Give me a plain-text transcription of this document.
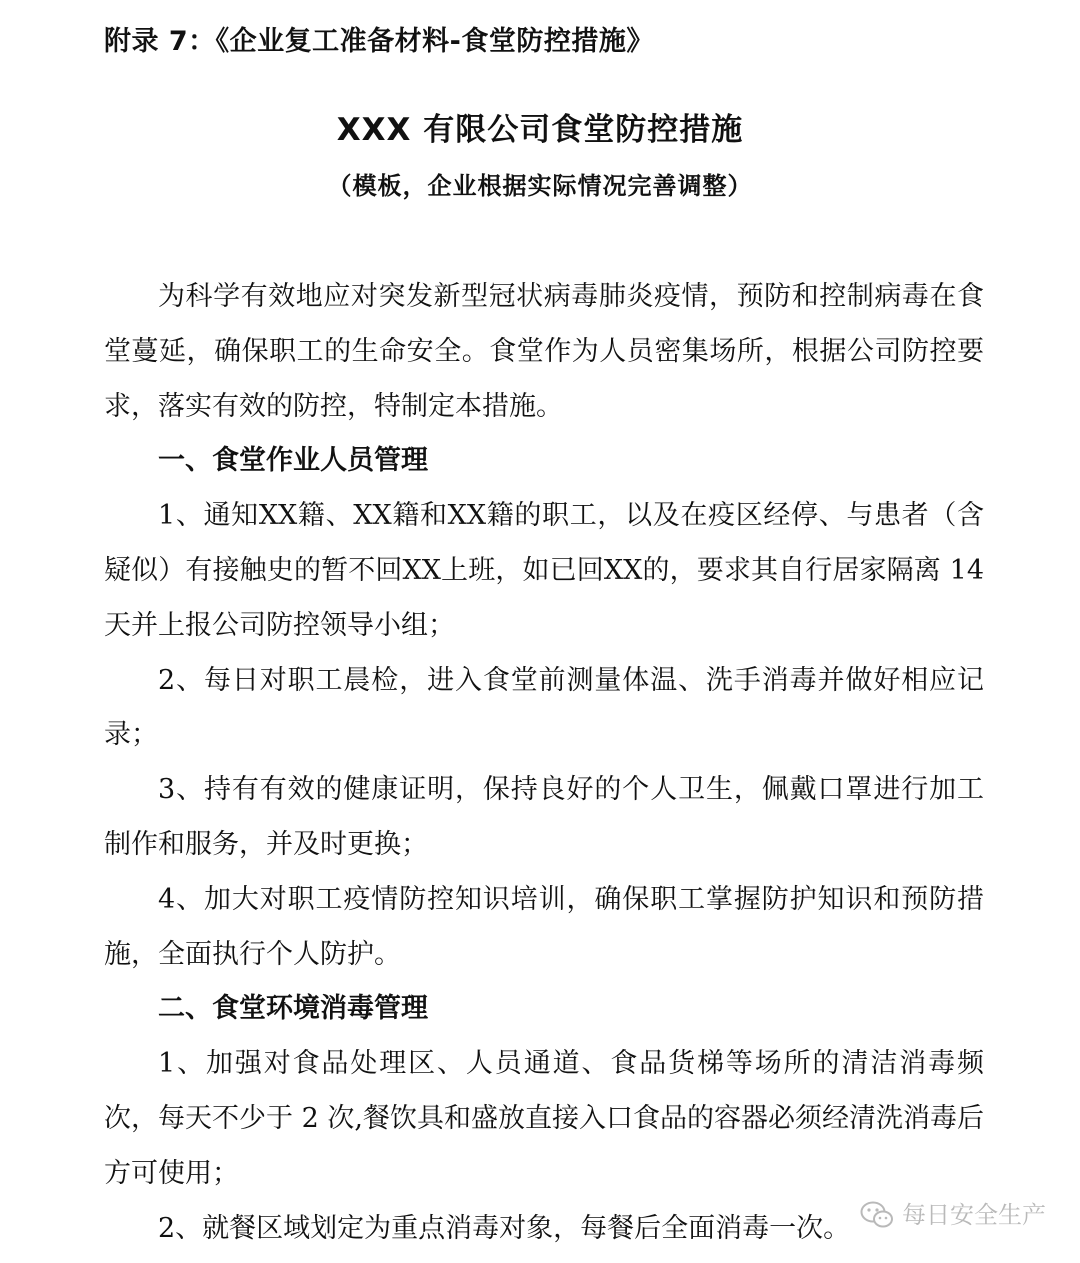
附录 7：《企业复工准备材料-食堂防控措施》
XXX 有限公司食堂防控措施
（模板，企业根据实际情况完善调整）

为科学有效地应对突发新型冠状病毒肺炎疫情，预防和控制病毒在食堂蔓延，确保职工的生命安全。食堂作为人员密集场所，根据公司防控要求，落实有效的防控，特制定本措施。

一、食堂作业人员管理

1、通知XX籍、XX籍和XX籍的职工，以及在疫区经停、与患者（含疑似）有接触史的暂不回XX上班，如已回XX的，要求其自行居家隔离 14 天并上报公司防控领导小组；

2、每日对职工晨检，进入食堂前测量体温、洗手消毒并做好相应记录；

3、持有有效的健康证明，保持良好的个人卫生，佩戴口罩进行加工制作和服务，并及时更换；

4、加大对职工疫情防控知识培训，确保职工掌握防护知识和预防措施，全面执行个人防护。

二、食堂环境消毒管理

1、加强对食品处理区、人员通道、食品货梯等场所的清洁消毒频次，每天不少于 2 次,餐饮具和盛放直接入口食品的容器必须经清洗消毒后方可使用；

2、就餐区域划定为重点消毒对象，每餐后全面消毒一次。	每日安全生产
